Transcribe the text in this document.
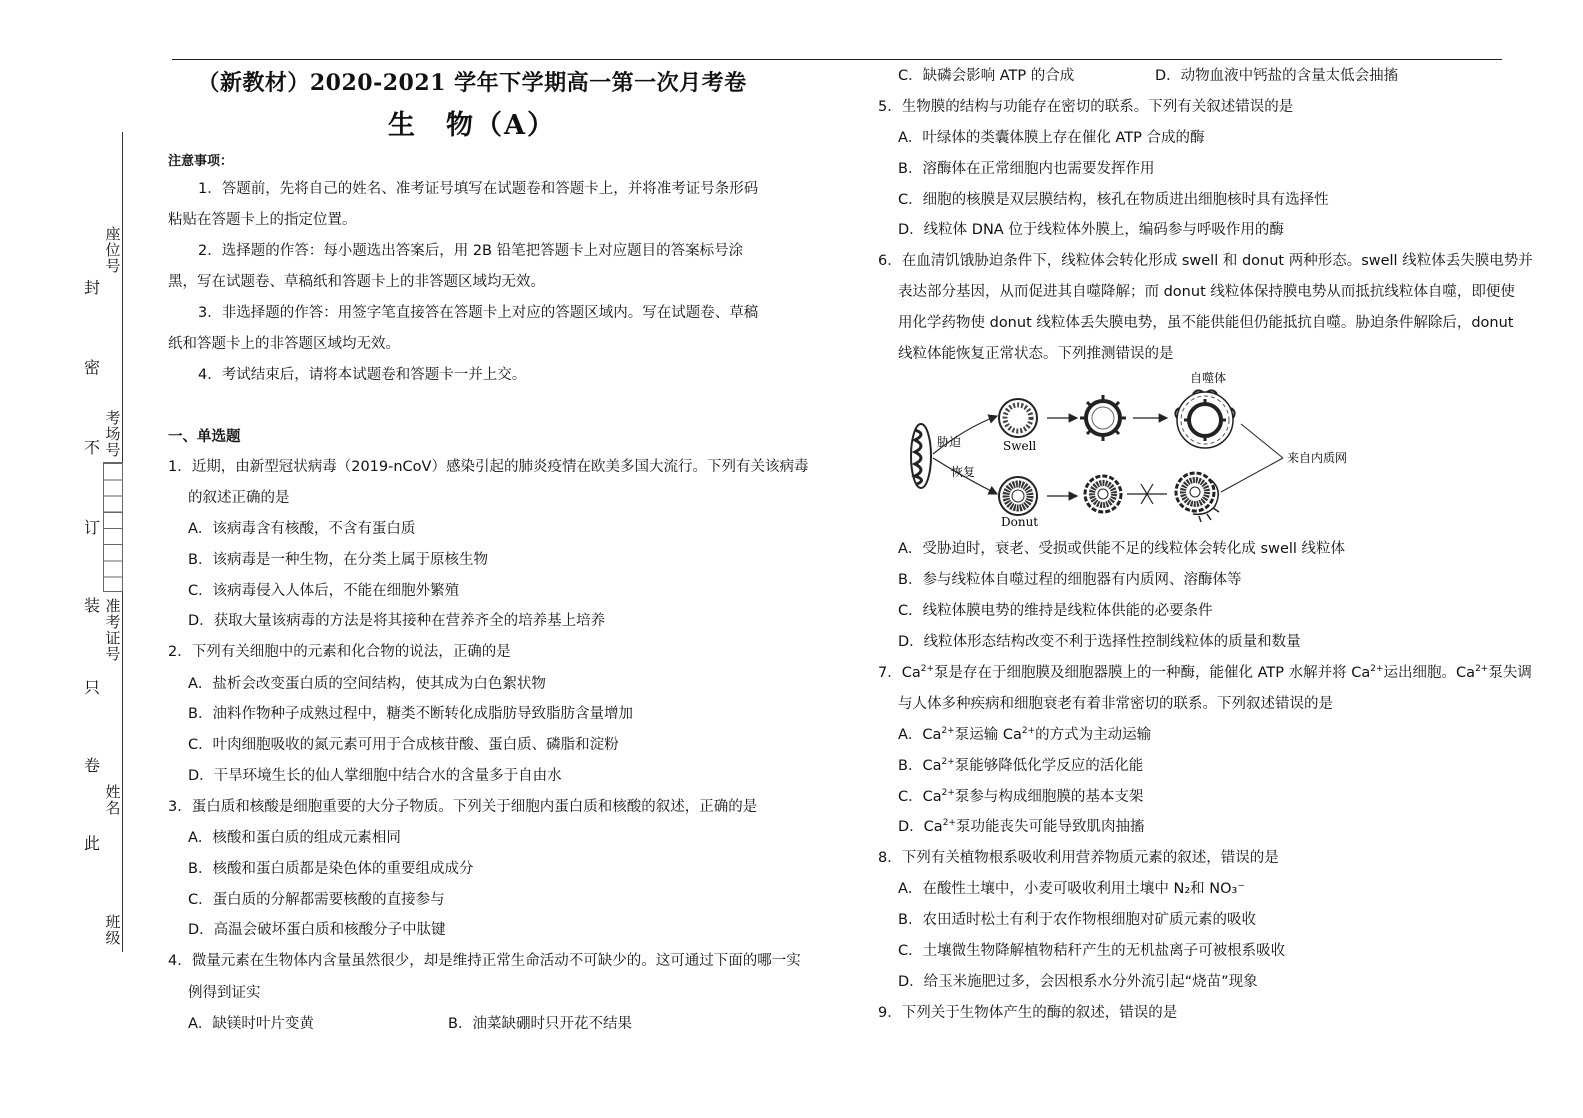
封
密
不
订
装
只
卷
此
座
位
号
考
场
号
准
考
证
号
姓
名
班
级
（新教材）2020-2021 学年下学期高一第一次月考卷
生　物（A）
注意事项：
1．答题前，先将自己的姓名、准考证号填写在试题卷和答题卡上，并将准考证号条形码粘贴在答题卡上的指定位置。
2．选择题的作答：每小题选出答案后，用 2B 铅笔把答题卡上对应题目的答案标号涂黑，写在试题卷、草稿纸和答题卡上的非答题区域均无效。
3．非选择题的作答：用签字笔直接答在答题卡上对应的答题区域内。写在试题卷、草稿纸和答题卡上的非答题区域均无效。
4．考试结束后，请将本试题卷和答题卡一并上交。
一、单选题
1．近期，由新型冠状病毒（2019-nCoV）感染引起的肺炎疫情在欧美多国大流行。下列有关该病毒
的叙述正确的是
A．该病毒含有核酸，不含有蛋白质
B．该病毒是一种生物，在分类上属于原核生物
C．该病毒侵入人体后，不能在细胞外繁殖
D．获取大量该病毒的方法是将其接种在营养齐全的培养基上培养
2．下列有关细胞中的元素和化合物的说法，正确的是
A．盐析会改变蛋白质的空间结构，使其成为白色絮状物
B．油料作物种子成熟过程中，糖类不断转化成脂肪导致脂肪含量增加
C．叶肉细胞吸收的氮元素可用于合成核苷酸、蛋白质、磷脂和淀粉
D．干旱环境生长的仙人掌细胞中结合水的含量多于自由水
3．蛋白质和核酸是细胞重要的大分子物质。下列关于细胞内蛋白质和核酸的叙述，正确的是
A．核酸和蛋白质的组成元素相同
B．核酸和蛋白质都是染色体的重要组成成分
C．蛋白质的分解都需要核酸的直接参与
D．高温会破坏蛋白质和核酸分子中肽键
4．微量元素在生物体内含量虽然很少，却是维持正常生命活动不可缺少的。这可通过下面的哪一实
例得到证实
A．缺镁时叶片变黄	B．油菜缺硼时只开花不结果
C．缺磷会影响 ATP 的合成	D．动物血液中钙盐的含量太低会抽搐
5．生物膜的结构与功能存在密切的联系。下列有关叙述错误的是
A．叶绿体的类囊体膜上存在催化 ATP 合成的酶
B．溶酶体在正常细胞内也需要发挥作用
C．细胞的核膜是双层膜结构，核孔在物质进出细胞核时具有选择性
D．线粒体 DNA 位于线粒体外膜上，编码参与呼吸作用的酶
6．在血清饥饿胁迫条件下，线粒体会转化形成 swell 和 donut 两种形态。swell 线粒体丢失膜电势并
表达部分基因，从而促进其自噬降解；而 donut 线粒体保持膜电势从而抵抗线粒体自噬，即便使
用化学药物使 donut 线粒体丢失膜电势，虽不能供能但仍能抵抗自噬。胁迫条件解除后，donut
线粒体能恢复正常状态。下列推测错误的是
胁迫
恢复
Swell
自噬体
Donut
来自内质网
A．受胁迫时，衰老、受损或供能不足的线粒体会转化成 swell 线粒体
B．参与线粒体自噬过程的细胞器有内质网、溶酶体等
C．线粒体膜电势的维持是线粒体供能的必要条件
D．线粒体形态结构改变不利于选择性控制线粒体的质量和数量
7．$Ca^{2+}$泵是存在于细胞膜及细胞器膜上的一种酶，能催化 ATP 水解并将 $Ca^{2+}$运出细胞。$Ca^{2+}$泵失调
与人体多种疾病和细胞衰老有着非常密切的联系。下列叙述错误的是
A．$Ca^{2+}$泵运输 $Ca^{2+}$的方式为主动运输
B．$Ca^{2+}$泵能够降低化学反应的活化能
C．$Ca^{2+}$泵参与构成细胞膜的基本支架
D．$Ca^{2+}$泵功能丧失可能导致肌肉抽搐
8．下列有关植物根系吸收利用营养物质元素的叙述，错误的是
A．在酸性土壤中，小麦可吸收利用土壤中 N₂和 NO₃⁻
B．农田适时松土有利于农作物根细胞对矿质元素的吸收
C．土壤微生物降解植物秸秆产生的无机盐离子可被根系吸收
D．给玉米施肥过多，会因根系水分外流引起“烧苗”现象
9．下列关于生物体产生的酶的叙述，错误的是
